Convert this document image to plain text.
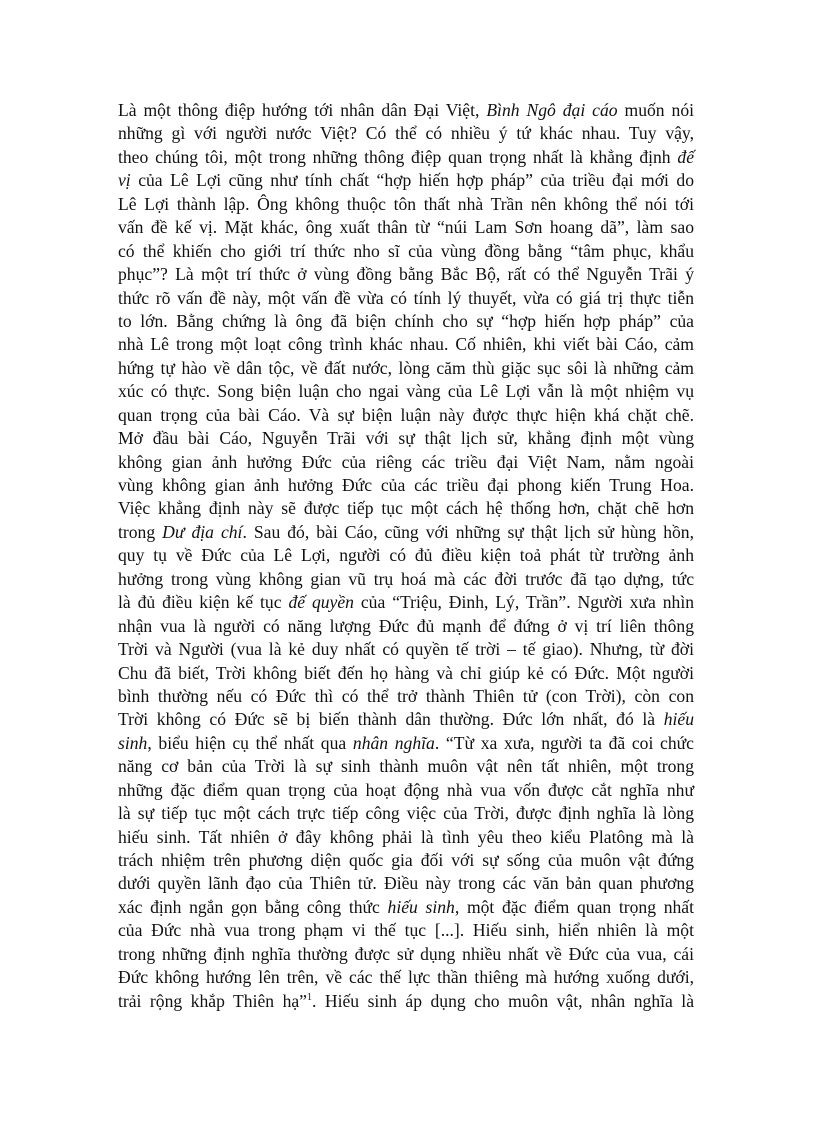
Là một thông điệp hướng tới nhân dân Đại Việt, Bình Ngô đại cáo muốn nói
những gì với người nước Việt? Có thể có nhiều ý tứ khác nhau. Tuy vậy,
theo chúng tôi, một trong những thông điệp quan trọng nhất là khẳng định đế
vị của Lê Lợi cũng như tính chất “hợp hiến hợp pháp” của triều đại mới do
Lê Lợi thành lập. Ông không thuộc tôn thất nhà Trần nên không thể nói tới
vấn đề kế vị. Mặt khác, ông xuất thân từ “núi Lam Sơn hoang dã”, làm sao
có thể khiến cho giới trí thức nho sĩ của vùng đồng bằng “tâm phục, khẩu
phục”? Là một trí thức ở vùng đồng bằng Bắc Bộ, rất có thể Nguyễn Trãi ý
thức rõ vấn đề này, một vấn đề vừa có tính lý thuyết, vừa có giá trị thực tiễn
to lớn. Bằng chứng là ông đã biện chính cho sự “hợp hiến hợp pháp” của
nhà Lê trong một loạt công trình khác nhau. Cố nhiên, khi viết bài Cáo, cảm
hứng tự hào về dân tộc, về đất nước, lòng căm thù giặc sục sôi là những cảm
xúc có thực. Song biện luận cho ngai vàng của Lê Lợi vẫn là một nhiệm vụ
quan trọng của bài Cáo. Và sự biện luận này được thực hiện khá chặt chẽ.
Mở đầu bài Cáo, Nguyễn Trãi với sự thật lịch sử, khẳng định một vùng
không gian ảnh hưởng Đức của riêng các triều đại Việt Nam, nằm ngoài
vùng không gian ảnh hưởng Đức của các triều đại phong kiến Trung Hoa.
Việc khẳng định này sẽ được tiếp tục một cách hệ thống hơn, chặt chẽ hơn
trong Dư địa chí. Sau đó, bài Cáo, cũng với những sự thật lịch sử hùng hồn,
quy tụ về Đức của Lê Lợi, người có đủ điều kiện toả phát từ trường ảnh
hưởng trong vùng không gian vũ trụ hoá mà các đời trước đã tạo dựng, tức
là đủ điều kiện kế tục đế quyền của “Triệu, Đinh, Lý, Trần”. Người xưa nhìn
nhận vua là người có năng lượng Đức đủ mạnh để đứng ở vị trí liên thông
Trời và Người (vua là kẻ duy nhất có quyền tế trời – tế giao). Nhưng, từ đời
Chu đã biết, Trời không biết đến họ hàng và chỉ giúp kẻ có Đức. Một người
bình thường nếu có Đức thì có thể trở thành Thiên tử (con Trời), còn con
Trời không có Đức sẽ bị biến thành dân thường. Đức lớn nhất, đó là hiếu
sinh, biểu hiện cụ thể nhất qua nhân nghĩa. “Từ xa xưa, người ta đã coi chức
năng cơ bản của Trời là sự sinh thành muôn vật nên tất nhiên, một trong
những đặc điểm quan trọng của hoạt động nhà vua vốn được cắt nghĩa như
là sự tiếp tục một cách trực tiếp công việc của Trời, được định nghĩa là lòng
hiếu sinh. Tất nhiên ở đây không phải là tình yêu theo kiểu Platông mà là
trách nhiệm trên phương diện quốc gia đối với sự sống của muôn vật đứng
dưới quyền lãnh đạo của Thiên tử. Điều này trong các văn bản quan phương
xác định ngắn gọn bằng công thức hiếu sinh, một đặc điểm quan trọng nhất
của Đức nhà vua trong phạm vi thế tục [...]. Hiếu sinh, hiển nhiên là một
trong những định nghĩa thường được sử dụng nhiều nhất về Đức của vua, cái
Đức không hướng lên trên, về các thế lực thần thiêng mà hướng xuống dưới,
trải rộng khắp Thiên hạ”$^1$. Hiếu sinh áp dụng cho muôn vật, nhân nghĩa là
